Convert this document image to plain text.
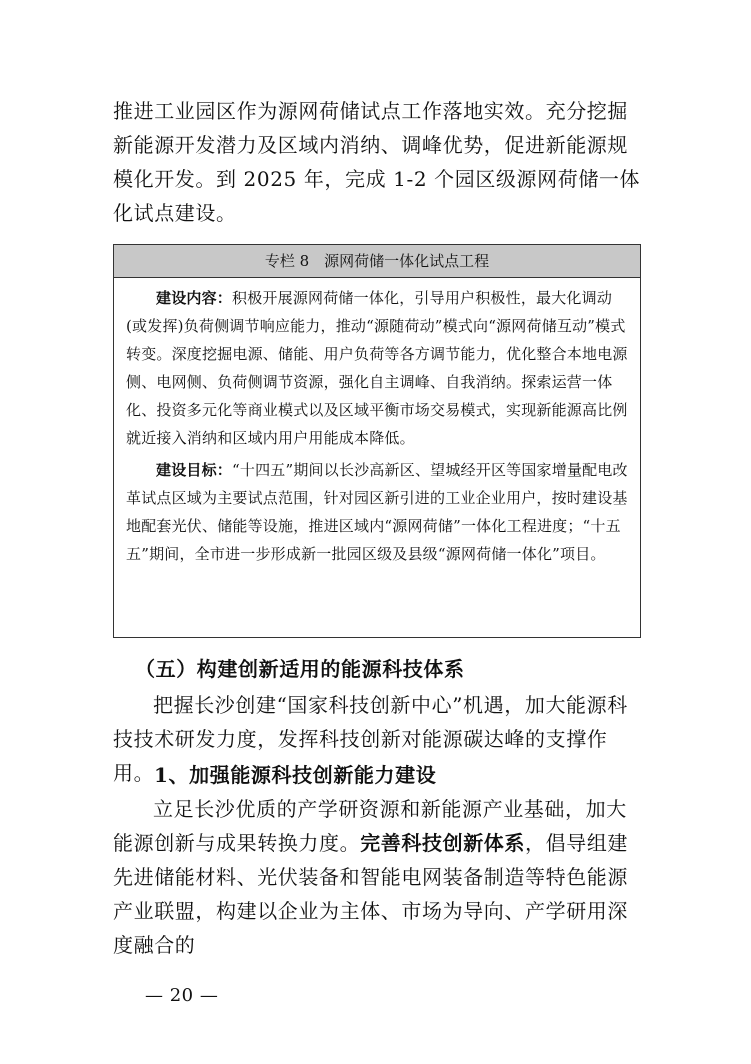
推进工业园区作为源网荷储试点工作落地实效。充分挖掘新能源开发潜力及区域内消纳、调峰优势，促进新能源规模化开发。到 2025 年，完成 1-2 个园区级源网荷储一体化试点建设。

专栏 8　源网荷储一体化试点工程

建设内容：积极开展源网荷储一体化，引导用户积极性，最大化调动(或发挥)负荷侧调节响应能力，推动“源随荷动”模式向“源网荷储互动”模式转变。深度挖掘电源、储能、用户负荷等各方调节能力，优化整合本地电源侧、电网侧、负荷侧调节资源，强化自主调峰、自我消纳。探索运营一体化、投资多元化等商业模式以及区域平衡市场交易模式，实现新能源高比例就近接入消纳和区域内用户用能成本降低。

建设目标：“十四五”期间以长沙高新区、望城经开区等国家增量配电改革试点区域为主要试点范围，针对园区新引进的工业企业用户，按时建设基地配套光伏、储能等设施，推进区域内“源网荷储”一体化工程进度；“十五五”期间，全市进一步形成新一批园区级及县级“源网荷储一体化”项目。

（五）构建创新适用的能源科技体系

把握长沙创建“国家科技创新中心”机遇，加大能源科技技术研发力度，发挥科技创新对能源碳达峰的支撑作用。 1、加强能源科技创新能力建设

立足长沙优质的产学研资源和新能源产业基础，加大能源创新与成果转换力度。完善科技创新体系，倡导组建先进储能材料、光伏装备和智能电网装备制造等特色能源产业联盟，构建以企业为主体、市场为导向、产学研用深度融合的

— 20 —
